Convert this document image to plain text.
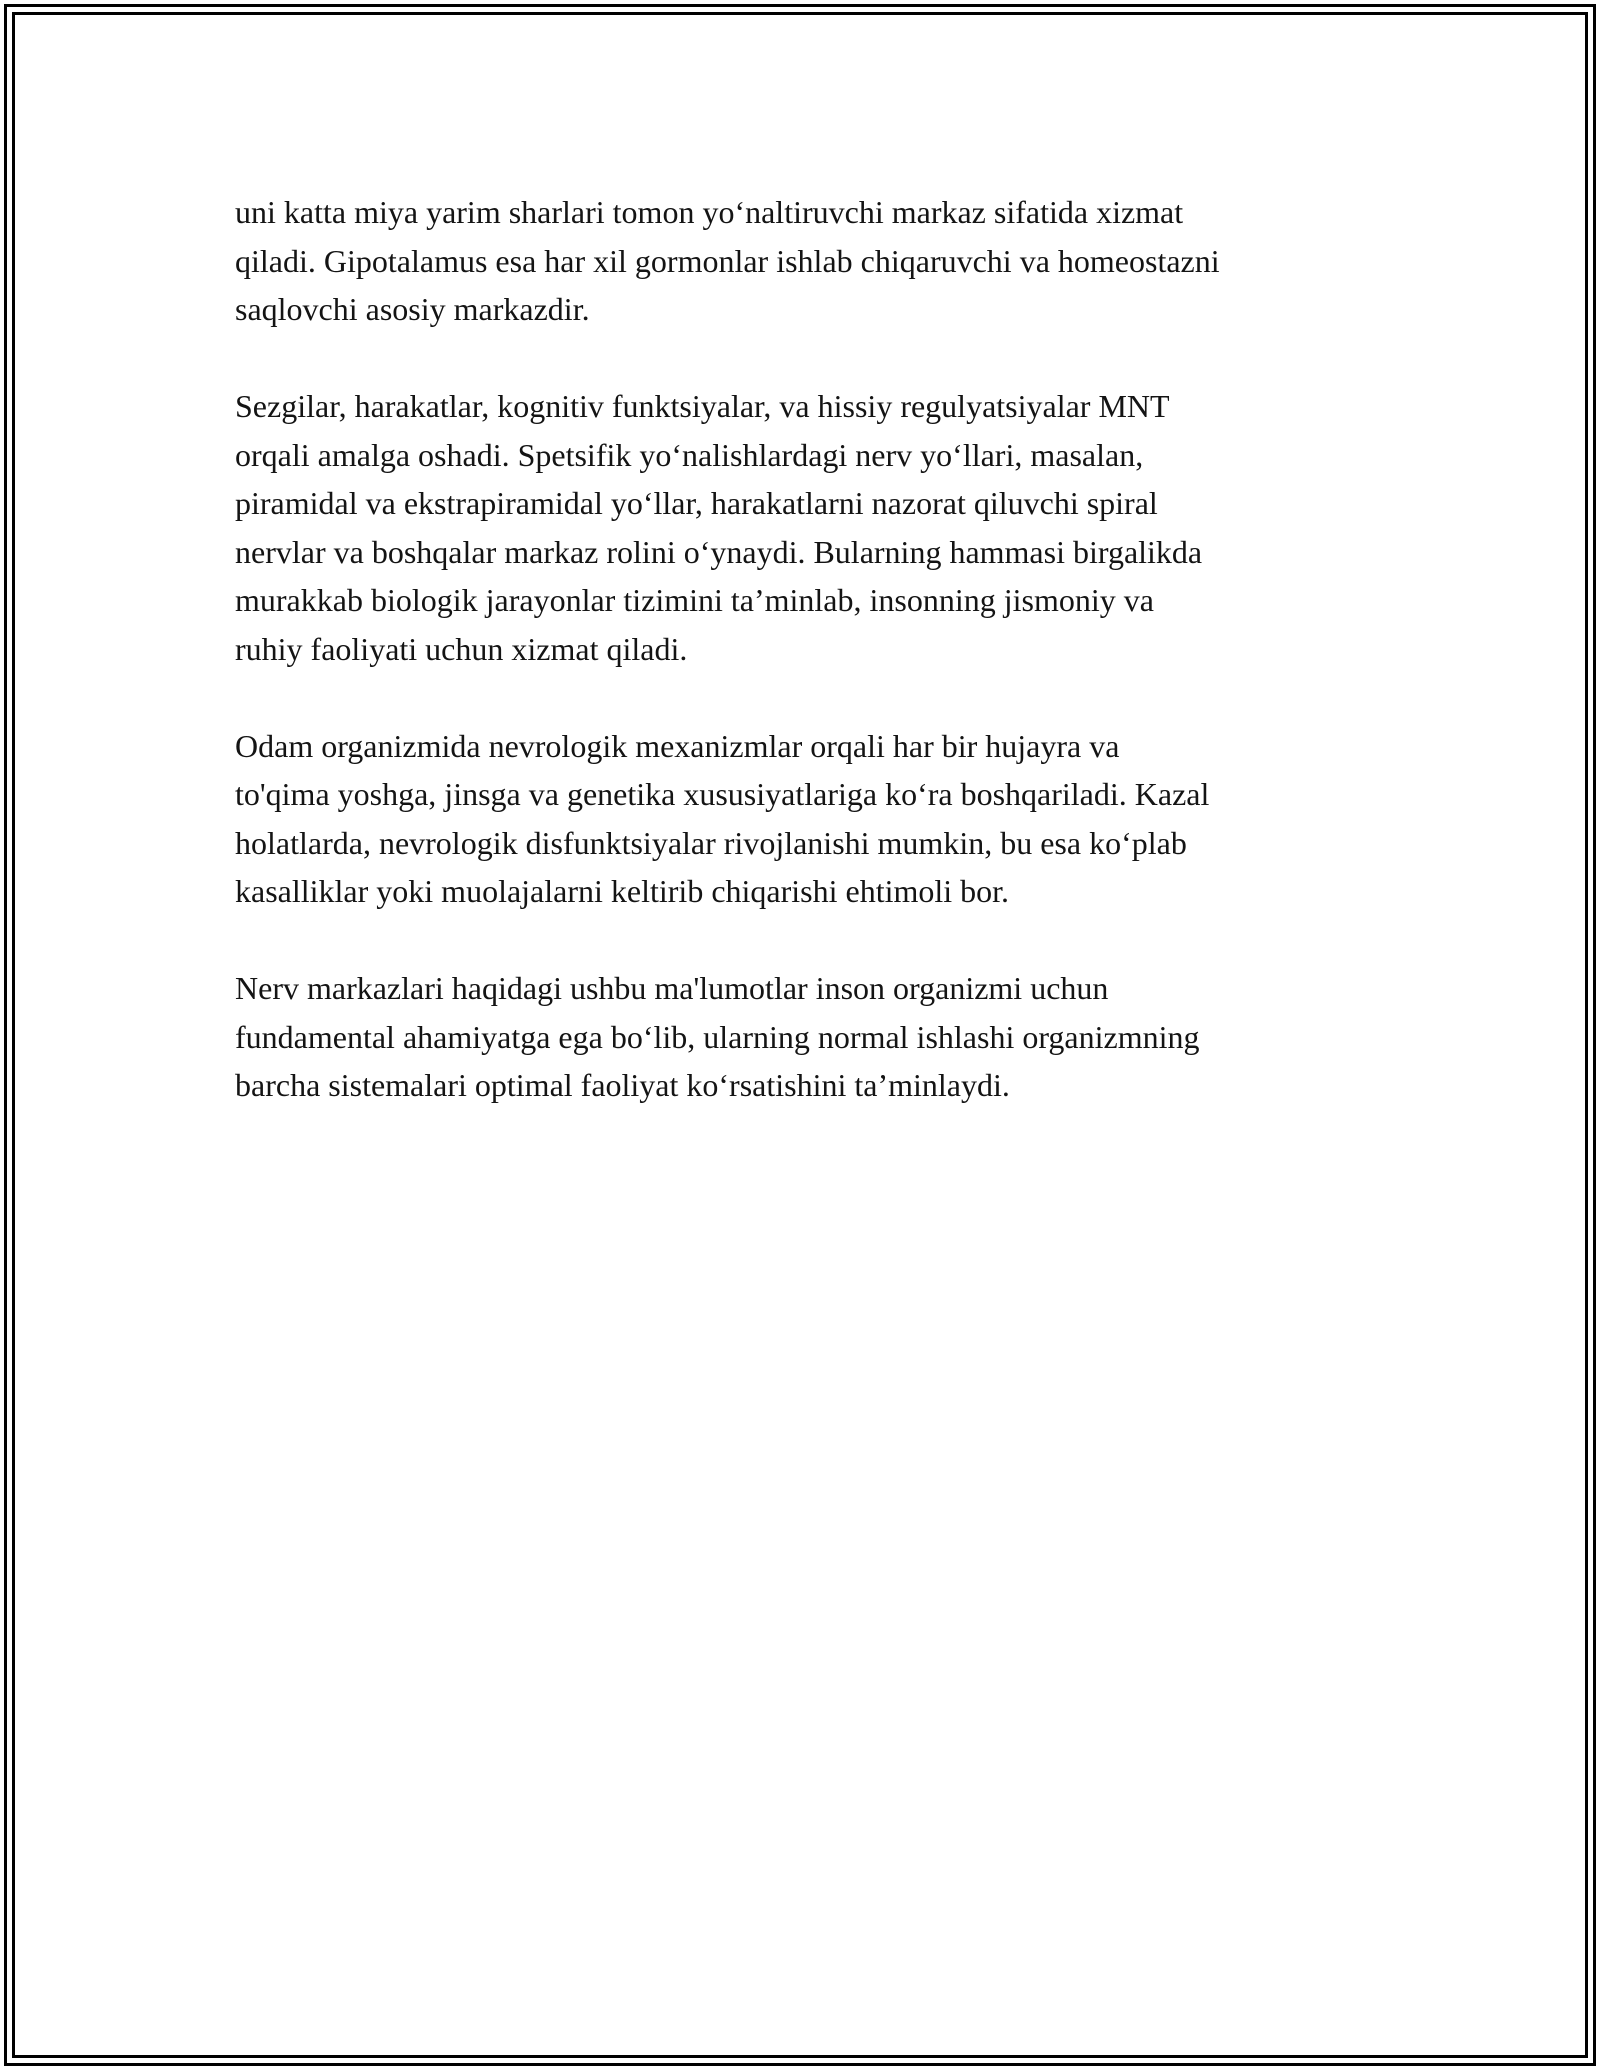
uni katta miya yarim sharlari tomon yo‘naltiruvchi markaz sifatida xizmat
qiladi. Gipotalamus esa har xil gormonlar ishlab chiqaruvchi va homeostazni
saqlovchi asosiy markazdir.

Sezgilar, harakatlar, kognitiv funktsiyalar, va hissiy regulyatsiyalar MNT
orqali amalga oshadi. Spetsifik yo‘nalishlardagi nerv yo‘llari, masalan,
piramidal va ekstrapiramidal yo‘llar, harakatlarni nazorat qiluvchi spiral
nervlar va boshqalar markaz rolini o‘ynaydi. Bularning hammasi birgalikda
murakkab biologik jarayonlar tizimini ta’minlab, insonning jismoniy va
ruhiy faoliyati uchun xizmat qiladi.

Odam organizmida nevrologik mexanizmlar orqali har bir hujayra va
to'qima yoshga, jinsga va genetika xususiyatlariga ko‘ra boshqariladi. Kazal
holatlarda, nevrologik disfunktsiyalar rivojlanishi mumkin, bu esa ko‘plab
kasalliklar yoki muolajalarni keltirib chiqarishi ehtimoli bor.

Nerv markazlari haqidagi ushbu ma'lumotlar inson organizmi uchun
fundamental ahamiyatga ega bo‘lib, ularning normal ishlashi organizmning
barcha sistemalari optimal faoliyat ko‘rsatishini ta’minlaydi.
